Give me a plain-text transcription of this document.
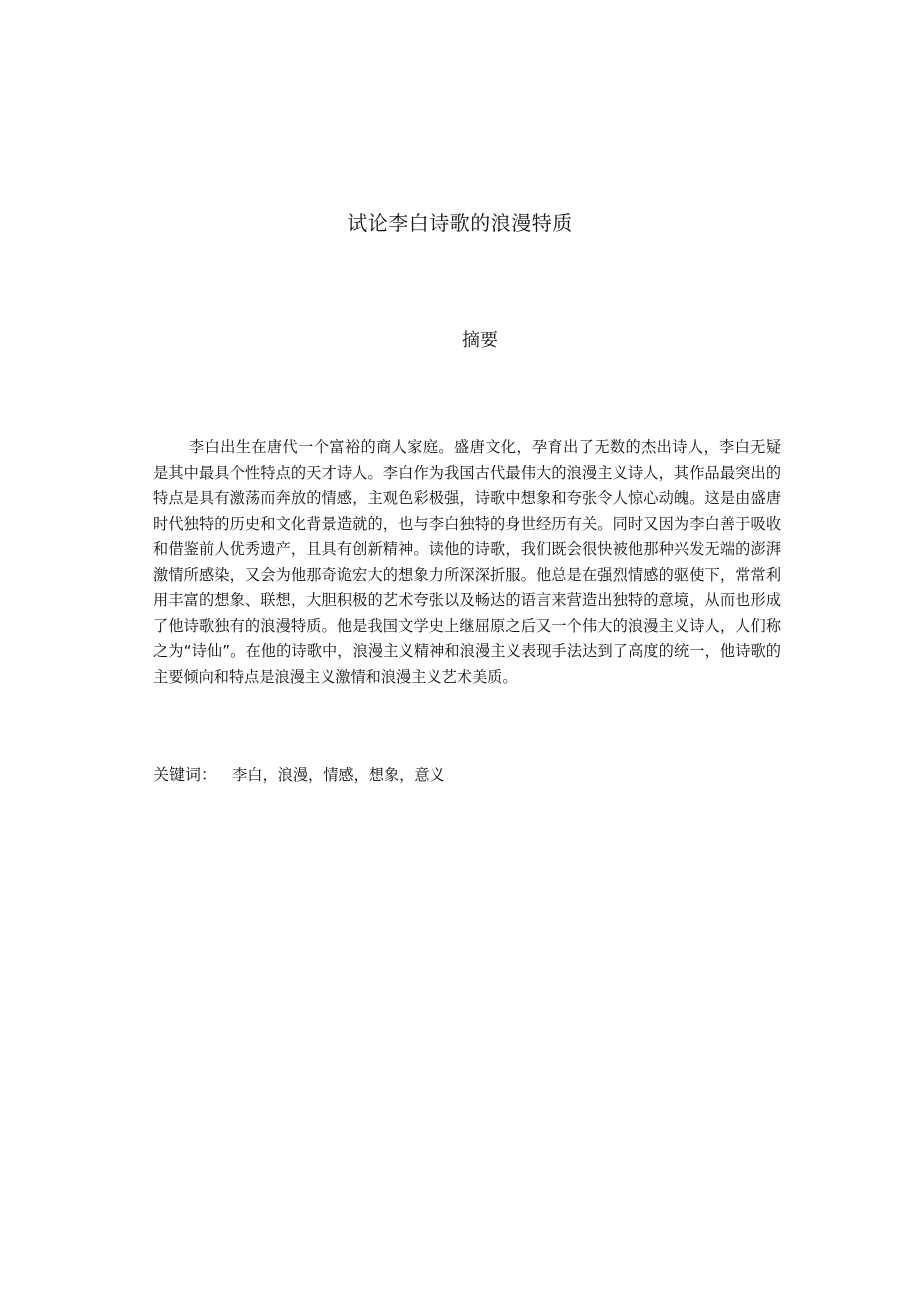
试论李白诗歌的浪漫特质
摘要

李白出生在唐代一个富裕的商人家庭。盛唐文化，孕育出了无数的杰出诗人，李白无疑是其中最具个性特点的天才诗人。李白作为我国古代最伟大的浪漫主义诗人，其作品最突出的特点是具有激荡而奔放的情感，主观色彩极强，诗歌中想象和夸张令人惊心动魄。这是由盛唐时代独特的历史和文化背景造就的，也与李白独特的身世经历有关。同时又因为李白善于吸收和借鉴前人优秀遗产，且具有创新精神。读他的诗歌，我们既会很快被他那种兴发无端的澎湃激情所感染，又会为他那奇诡宏大的想象力所深深折服。他总是在强烈情感的驱使下，常常利用丰富的想象、联想，大胆积极的艺术夸张以及畅达的语言来营造出独特的意境，从而也形成了他诗歌独有的浪漫特质。他是我国文学史上继屈原之后又一个伟大的浪漫主义诗人，人们称之为“诗仙”。在他的诗歌中，浪漫主义精神和浪漫主义表现手法达到了高度的统一，他诗歌的主要倾向和特点是浪漫主义激情和浪漫主义艺术美质。

关键词： 李白，浪漫，情感，想象，意义
